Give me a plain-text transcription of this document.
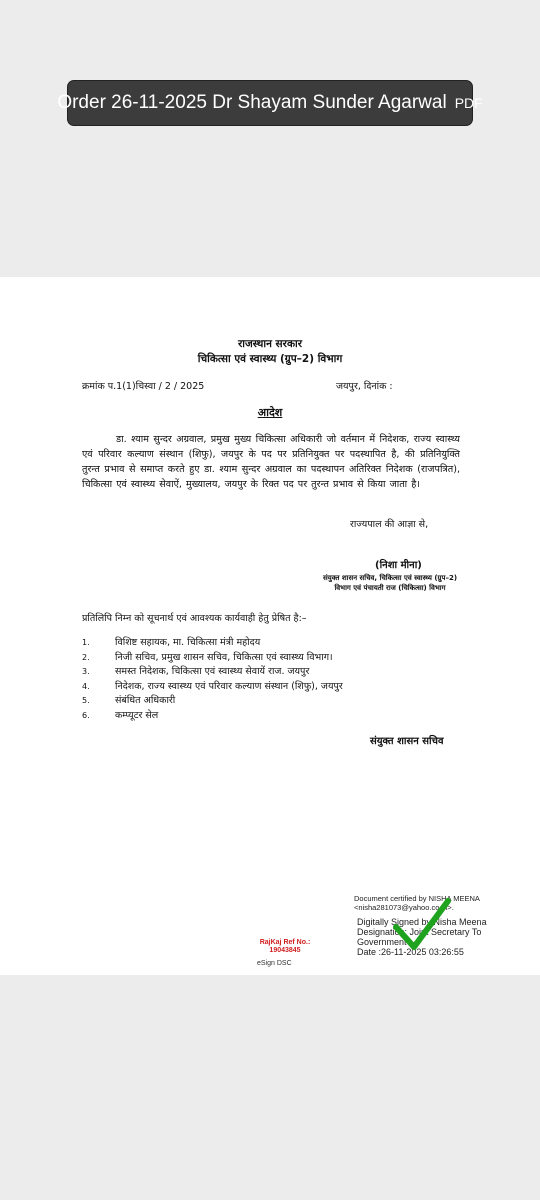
Order 26-11-2025 Dr Shayam Sunder Agarwal PDF
राजस्थान सरकार
चिकित्सा एवं स्वास्थ्य (ग्रुप–2) विभाग
क्रमांक प.1(1)चिस्वा / 2 / 2025	जयपुर, दिनांक :
आदेश
डा. श्याम सुन्दर अग्रवाल, प्रमुख मुख्य चिकित्सा अधिकारी जो वर्तमान में निदेशक, राज्य स्वास्थ्य एवं परिवार कल्याण संस्थान (शिफु), जयपुर के पद पर प्रतिनियुक्त पर पदस्थापित है, की प्रतिनियुक्ति तुरन्त प्रभाव से समाप्त करते हुए डा. श्याम सुन्दर अग्रवाल का पदस्थापन अतिरिक्त निदेशक (राजपत्रित), चिकित्सा एवं स्वास्थ्य सेवाऐं, मुख्यालय, जयपुर के रिक्त पद पर तुरन्त प्रभाव से किया जाता है।
राज्यपाल की आज्ञा से,
(निशा मीना)
संयुक्त शासन सचिव, चिकित्सा एवं स्वास्थ्य (ग्रुप–2) विभाग एवं पंचायती राज (चिकित्सा) विभाग
प्रतिलिपि निम्न को सूचनार्थ एवं आवश्यक कार्यवाही हेतु प्रेषित है:–
1.	विशिष्ट सहायक, मा. चिकित्सा मंत्री महोदय
2.	निजी सचिव, प्रमुख शासन सचिव, चिकित्सा एवं स्वास्थ्य विभाग।
3.	समस्त निदेशक, चिकित्सा एवं स्वास्थ्य सेवायें राज. जयपुर
4.	निदेशक, राज्य स्वास्थ्य एवं परिवार कल्याण संस्थान (शिफु), जयपुर
5.	संबंधित अधिकारी
6.	कम्प्यूटर सेल
संयुक्त शासन सचिव
Document certified by NISHA MEENA
<nisha281073@yahoo.co.in>.
Digitally Signed by Nisha Meena
Designation: Joint Secretary To
Government
Date :26-11-2025 03:26:55
RajKaj Ref No.:
19043845
eSign DSC
